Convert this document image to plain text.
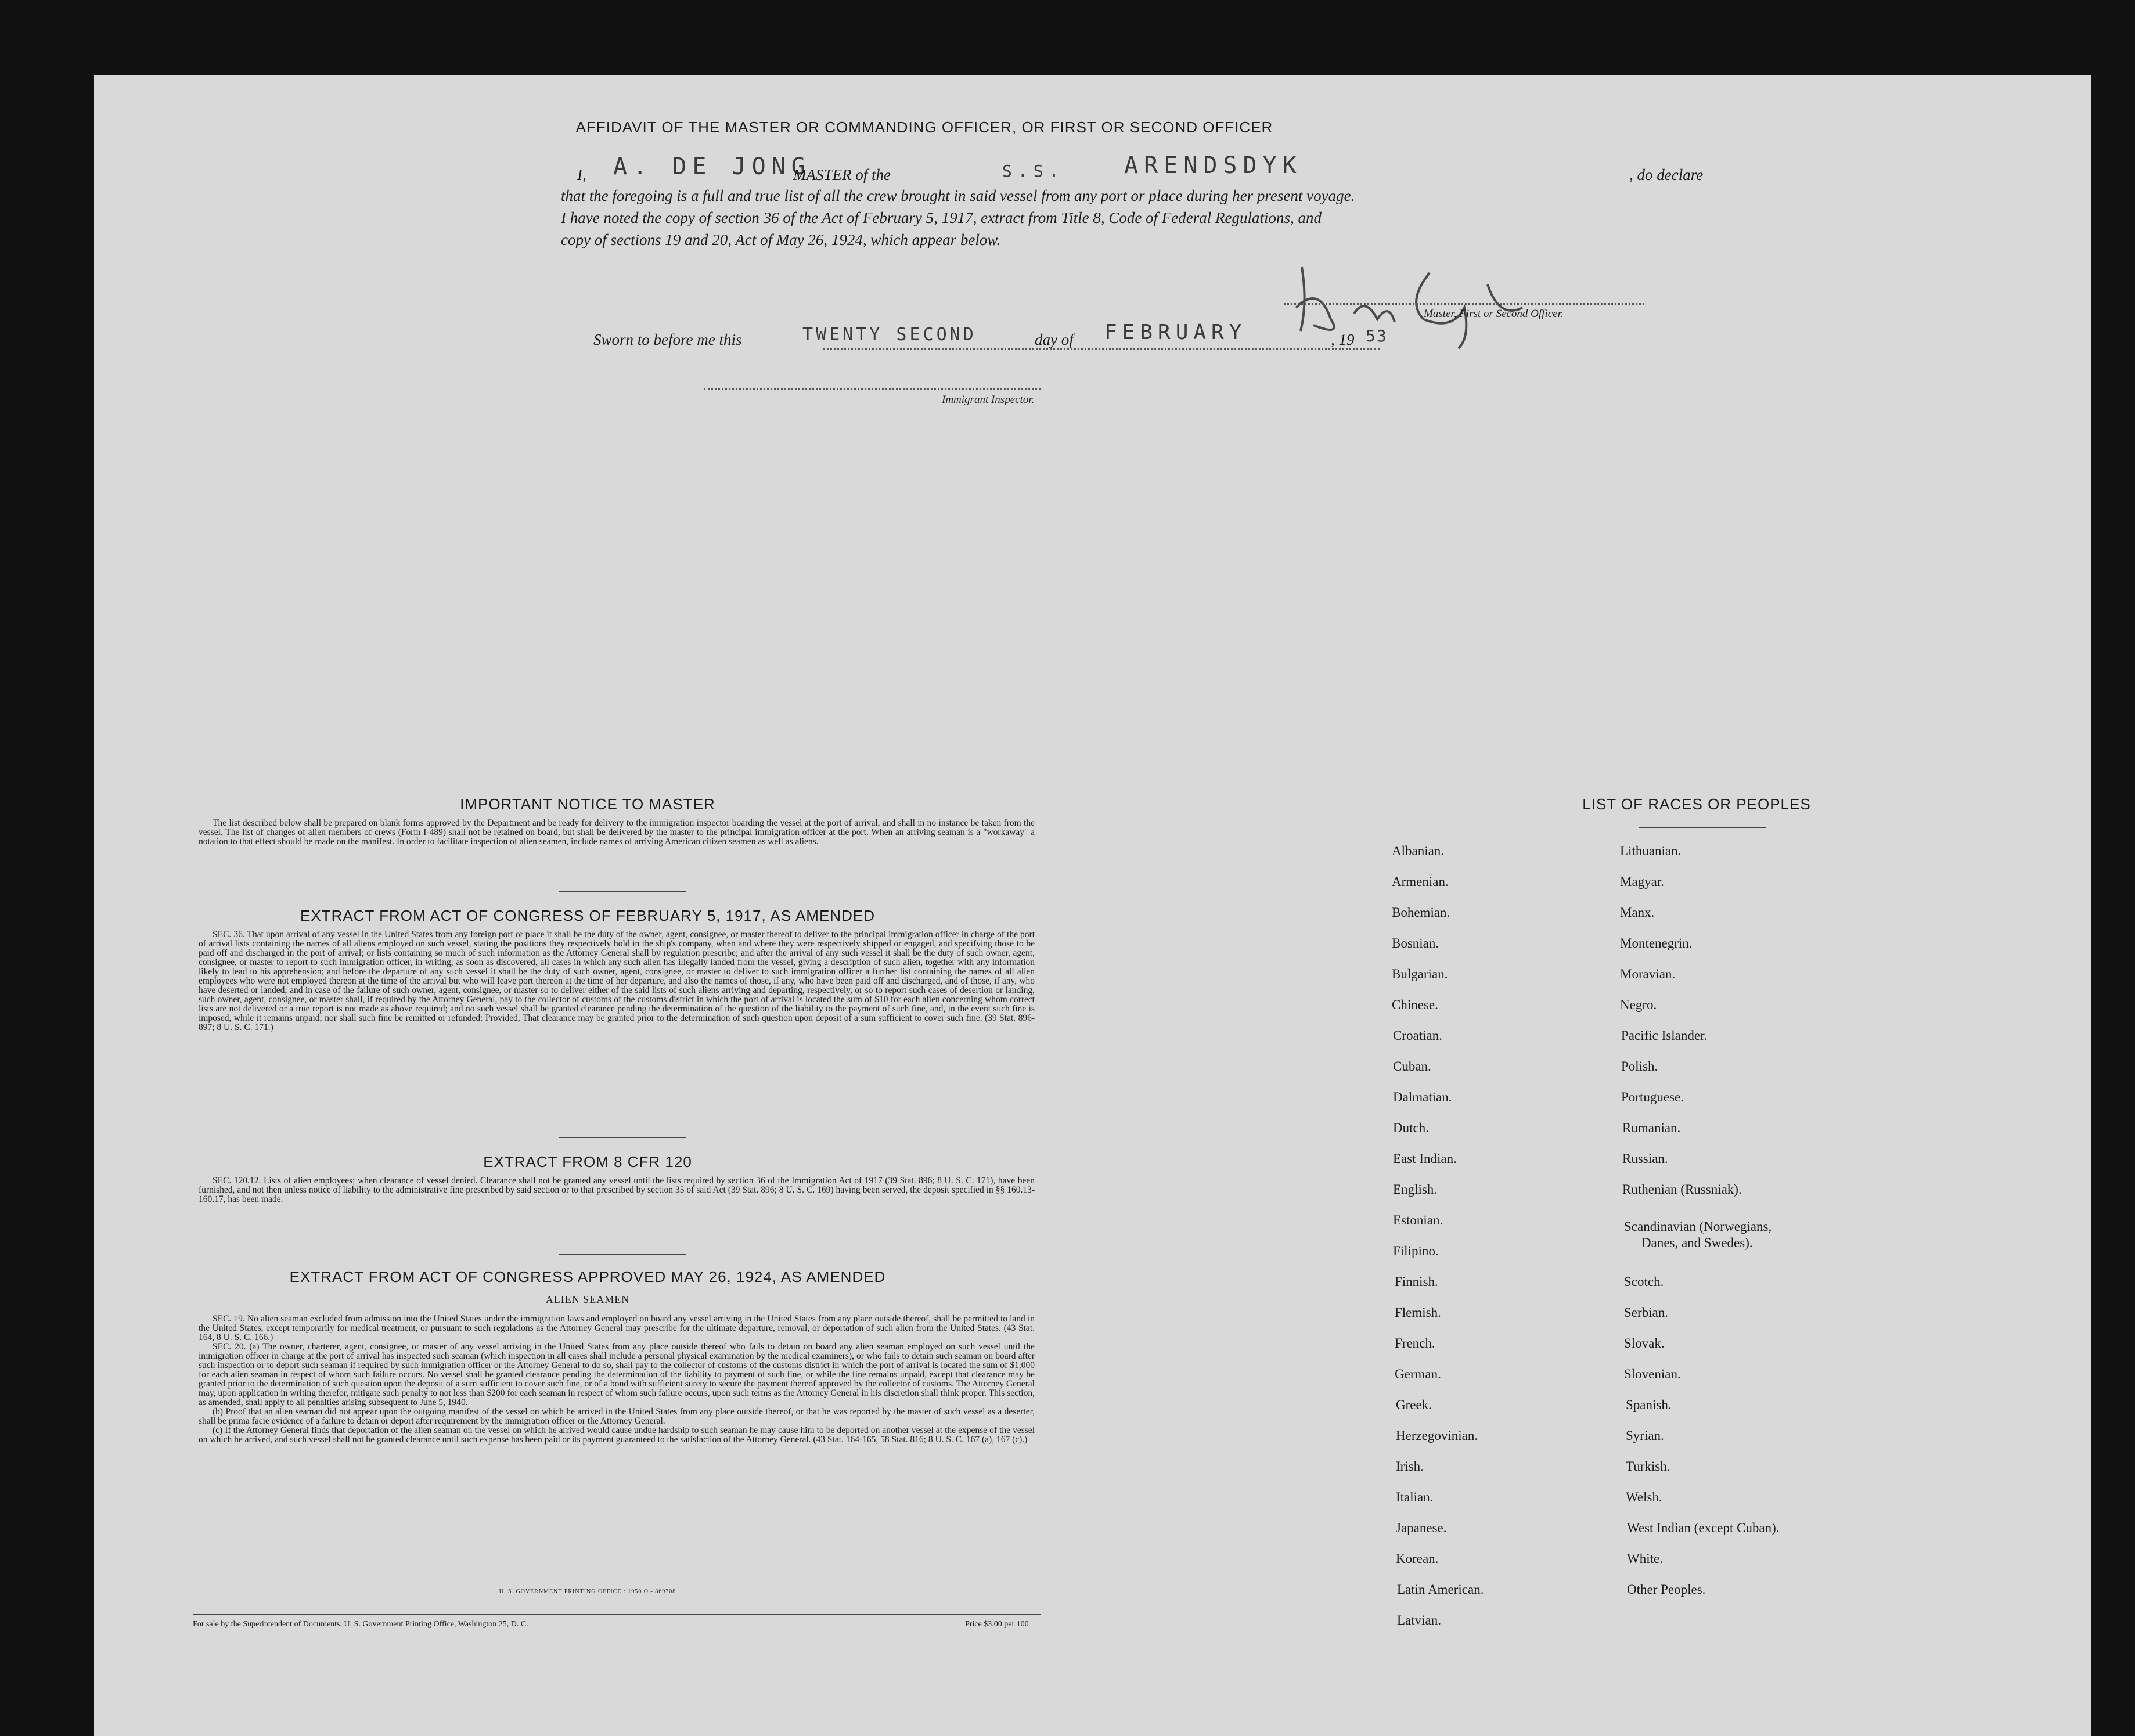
AFFIDAVIT OF THE MASTER OR COMMANDING OFFICER, OR FIRST OR SECOND OFFICER
I, A. DE JONG
MASTER of the	S.S.	ARENDSDYK	, do declare
that the foregoing is a full and true list of all the crew brought in said vessel from any port or place during her present voyage.
I have noted the copy of section 36 of the Act of February 5, 1917, extract from Title 8, Code of Federal Regulations, and
copy of sections 19 and 20, Act of May 26, 1924, which appear below.
Master, First or Second Officer.
Sworn to before me this	TWENTY SECOND	day of FEBRUARY	, 19 53
Immigrant Inspector.
IMPORTANT NOTICE TO MASTER

The list described below shall be prepared on blank forms approved by the Department and be ready for delivery to the immigration inspector boarding the vessel at the port of arrival, and shall in no instance be taken from the vessel. The list of changes of alien members of crews (Form I-489) shall not be retained on board, but shall be delivered by the master to the principal immigration officer at the port. When an arriving seaman is a "workaway" a notation to that effect should be made on the manifest. In order to facilitate inspection of alien seamen, include names of arriving American citizen seamen as well as aliens.

EXTRACT FROM ACT OF CONGRESS OF FEBRUARY 5, 1917, AS AMENDED

SEC. 36. That upon arrival of any vessel in the United States from any foreign port or place it shall be the duty of the owner, agent, consignee, or master thereof to deliver to the principal immigration officer in charge of the port of arrival lists containing the names of all aliens employed on such vessel, stating the positions they respectively hold in the ship's company, when and where they were respectively shipped or engaged, and specifying those to be paid off and discharged in the port of arrival; or lists containing so much of such information as the Attorney General shall by regulation prescribe; and after the arrival of any such vessel it shall be the duty of such owner, agent, consignee, or master to report to such immigration officer, in writing, as soon as discovered, all cases in which any such alien has illegally landed from the vessel, giving a description of such alien, together with any information likely to lead to his apprehension; and before the departure of any such vessel it shall be the duty of such owner, agent, consignee, or master to deliver to such immigration officer a further list containing the names of all alien employees who were not employed thereon at the time of the arrival but who will leave port thereon at the time of her departure, and also the names of those, if any, who have been paid off and discharged, and of those, if any, who have deserted or landed; and in case of the failure of such owner, agent, consignee, or master so to deliver either of the said lists of such aliens arriving and departing, respectively, or so to report such cases of desertion or landing, such owner, agent, consignee, or master shall, if required by the Attorney General, pay to the collector of customs of the customs district in which the port of arrival is located the sum of $10 for each alien concerning whom correct lists are not delivered or a true report is not made as above required; and no such vessel shall be granted clearance pending the determination of the question of the liability to the payment of such fine, and, in the event such fine is imposed, while it remains unpaid; nor shall such fine be remitted or refunded: Provided, That clearance may be granted prior to the determination of such question upon deposit of a sum sufficient to cover such fine. (39 Stat. 896-897; 8 U. S. C. 171.)

EXTRACT FROM 8 CFR 120

SEC. 120.12. Lists of alien employees; when clearance of vessel denied. Clearance shall not be granted any vessel until the lists required by section 36 of the Immigration Act of 1917 (39 Stat. 896; 8 U. S. C. 171), have been furnished, and not then unless notice of liability to the administrative fine prescribed by said section or to that prescribed by section 35 of said Act (39 Stat. 896; 8 U. S. C. 169) having been served, the deposit specified in §§ 160.13-160.17, has been made.

EXTRACT FROM ACT OF CONGRESS APPROVED MAY 26, 1924, AS AMENDED
ALIEN SEAMEN

SEC. 19. No alien seaman excluded from admission into the United States under the immigration laws and employed on board any vessel arriving in the United States from any place outside thereof, shall be permitted to land in the United States, except temporarily for medical treatment, or pursuant to such regulations as the Attorney General may prescribe for the ultimate departure, removal, or deportation of such alien from the United States. (43 Stat. 164, 8 U. S. C. 166.)

SEC. 20. (a) The owner, charterer, agent, consignee, or master of any vessel arriving in the United States from any place outside thereof who fails to detain on board any alien seaman employed on such vessel until the immigration officer in charge at the port of arrival has inspected such seaman (which inspection in all cases shall include a personal physical examination by the medical examiners), or who fails to detain such seaman on board after such inspection or to deport such seaman if required by such immigration officer or the Attorney General to do so, shall pay to the collector of customs of the customs district in which the port of arrival is located the sum of $1,000 for each alien seaman in respect of whom such failure occurs. No vessel shall be granted clearance pending the determination of the liability to payment of such fine, or while the fine remains unpaid, except that clearance may be granted prior to the determination of such question upon the deposit of a sum sufficient to cover such fine, or of a bond with sufficient surety to secure the payment thereof approved by the collector of customs. The Attorney General may, upon application in writing therefor, mitigate such penalty to not less than $200 for each seaman in respect of whom such failure occurs, upon such terms as the Attorney General in his discretion shall think proper. This section, as amended, shall apply to all penalties arising subsequent to June 5, 1940.

(b) Proof that an alien seaman did not appear upon the outgoing manifest of the vessel on which he arrived in the United States from any place outside thereof, or that he was reported by the master of such vessel as a deserter, shall be prima facie evidence of a failure to detain or deport after requirement by the immigration officer or the Attorney General.

(c) If the Attorney General finds that deportation of the alien seaman on the vessel on which he arrived would cause undue hardship to such seaman he may cause him to be deported on another vessel at the expense of the vessel on which he arrived, and such vessel shall not be granted clearance until such expense has been paid or its payment guaranteed to the satisfaction of the Attorney General. (43 Stat. 164-165, 58 Stat. 816; 8 U. S. C. 167 (a), 167 (c).)

U. S. GOVERNMENT PRINTING OFFICE : 1950 O - 869708
For sale by the Superintendent of Documents, U. S. Government Printing Office, Washington 25, D. C.	Price $3.00 per 100
LIST OF RACES OR PEOPLES
Albanian.
Armenian.
Bohemian.
Bosnian.
Bulgarian.
Chinese.
Croatian.
Cuban.
Dalmatian.
Dutch.
East Indian.
English.
Estonian.
Filipino.
Finnish.
Flemish.
French.
German.
Greek.
Herzegovinian.
Irish.
Italian.
Japanese.
Korean.
Latin American.
Latvian.
Lithuanian.
Magyar.
Manx.
Montenegrin.
Moravian.
Negro.
Pacific Islander.
Polish.
Portuguese.
Rumanian.
Russian.
Ruthenian (Russniak).
Scandinavian (Norwegians,
Danes, and Swedes).
Scotch.
Serbian.
Slovak.
Slovenian.
Spanish.
Syrian.
Turkish.
Welsh.
West Indian (except Cuban).
White.
Other Peoples.
